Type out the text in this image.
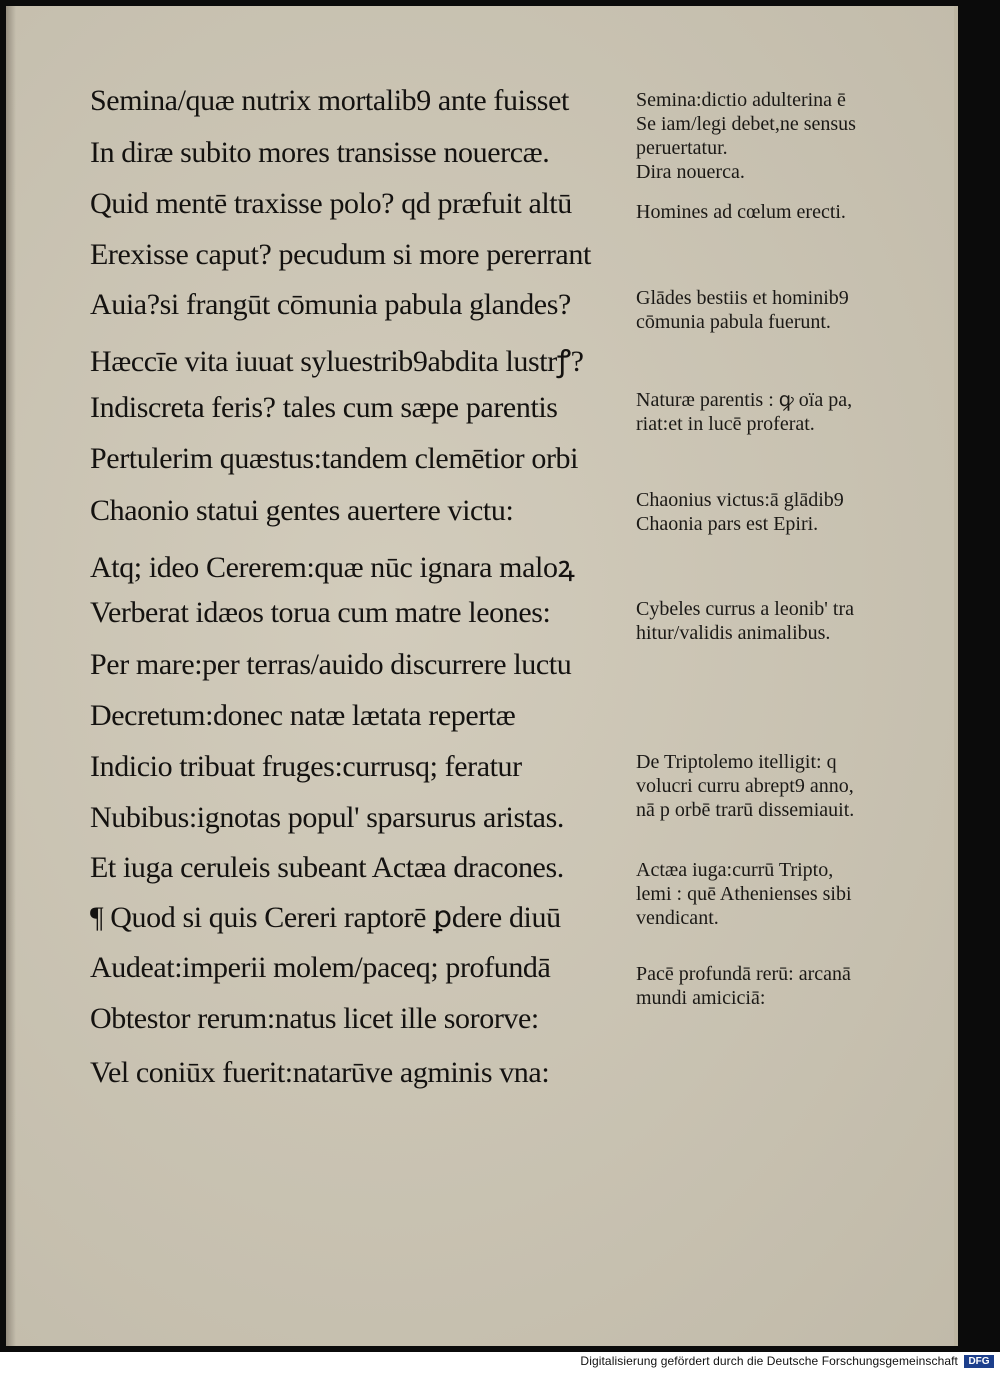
Semina/quæ nutrix mortalib9 ante fuisset
In diræ subito mores transisse nouercæ.
Quid mentē traxisse polo? qd præfuit altū
Erexisse caput? pecudum si more pererrant
Auia?si frangūt cōmunia pabula glandes?
Hæccīe vita iuuat syluestrib9abdita lustrꝭ?
Indiscreta feris? tales cum sæpe parentis
Pertulerim quæstus:tandem clemētior orbi
Chaonio statui gentes auertere victu:
Atq; ideo Cererem:quæ nūc ignara maloꝝ
Verberat idæos torua cum matre leones:
Per mare:per terras/auido discurrere luctu
Decretum:donec natæ lætata repertæ
Indicio tribuat fruges:currusq; feratur
Nubibus:ignotas popul' sparsurus aristas.
Et iuga ceruleis subeant Actæa dracones.
¶ Quod si quis Cereri raptorē ꝑdere diuū
Audeat:imperii molem/paceq; profundā
Obtestor rerum:natus licet ille sororve:
Vel coniūx fuerit:natarūve agminis vna:
Semina:dictio adulterina ē
Se iam/legi debet,ne sensus
peruertatur.
Dira nouerca.
Homines ad cœlum erecti.
Glādes bestiis et hominib9
cōmunia pabula fuerunt.
Naturæ parentis : ꝙ oïa pa,
riat:et in lucē proferat.
Chaonius victus:ā glādib9
Chaonia pars est Epiri.
Cybeles currus a leonib' tra
hitur/validis animalibus.
De Triptolemo itelligit: q
volucri curru abrept9 anno,
nā p orbē trarū dissemiauit.
Actæa iuga:currū Tripto,
lemi : quē Athenienses sibi
vendicant.
Pacē profundā rerū: arcanā
mundi amiciciā:
Digitalisierung gefördert durch die Deutsche Forschungsgemeinschaft	DFG
